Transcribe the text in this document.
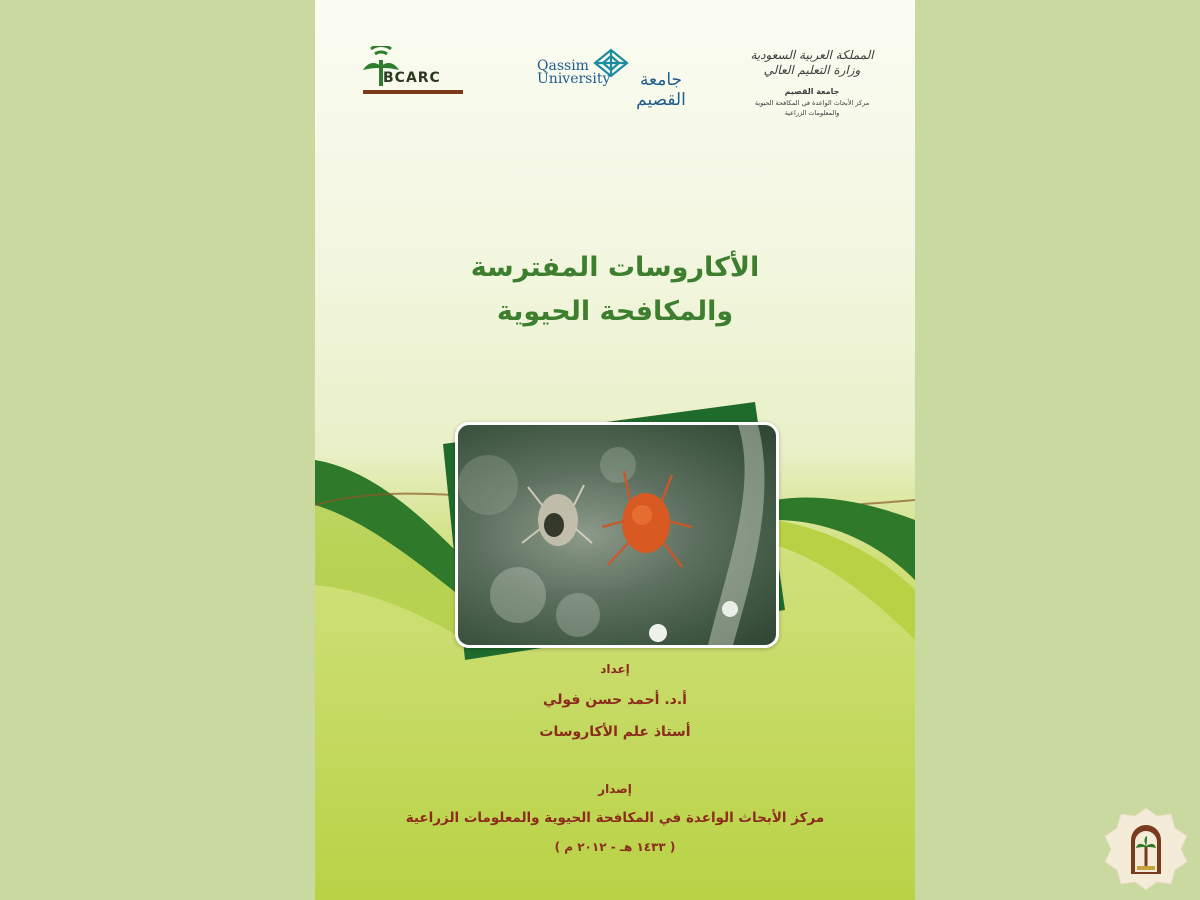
BCARC
Qassim
University	جامعة القصيم
المملكة العربية السعودية
وزارة التعليم العالي
جامعة القصيم
مركز الأبحاث الواعدة في المكافحة الحيوية
والمعلومات الزراعية
الأكاروسات المفترسة
والمكافحة الحيوية
إعداد
أ.د. أحمد حسن فولي
أستاذ علم الأكاروسات
إصدار
مركز الأبحاث الواعدة في المكافحة الحيوية والمعلومات الزراعية
( ١٤٣٣ هـ - ٢٠١٢ م )
